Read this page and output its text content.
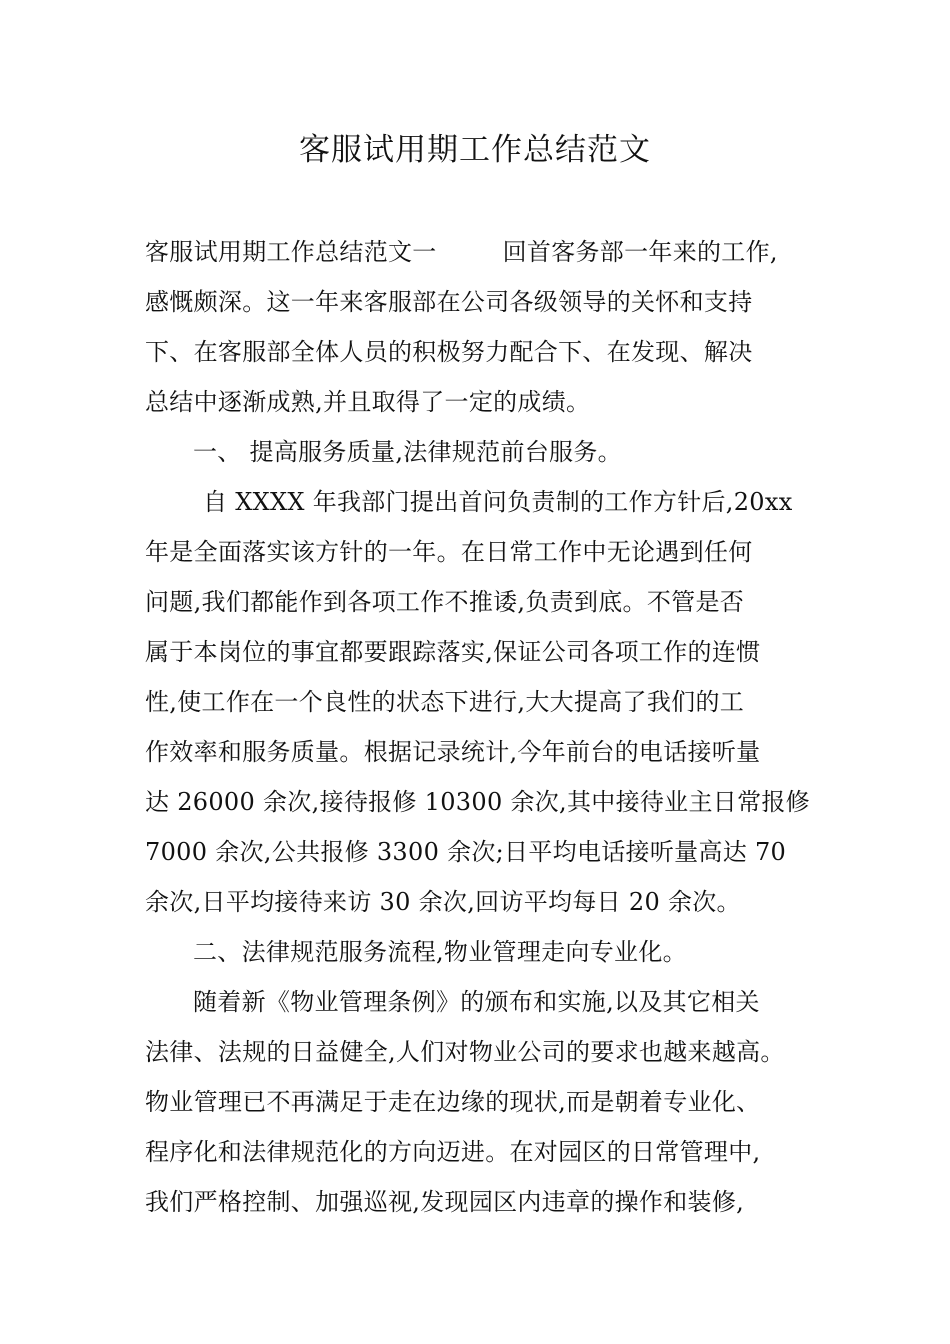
客服试用期工作总结范文
客服试用期工作总结范文一	回首客务部一年来的工作,
感慨颇深。这一年来客服部在公司各级领导的关怀和支持
下、在客服部全体人员的积极努力配合下、在发现、解决
总结中逐渐成熟,并且取得了一定的成绩。
一、 提高服务质量,法律规范前台服务。
自 XXXX 年我部门提出首问负责制的工作方针后,20xx
年是全面落实该方针的一年。在日常工作中无论遇到任何
问题,我们都能作到各项工作不推诿,负责到底。不管是否
属于本岗位的事宜都要跟踪落实,保证公司各项工作的连惯
性,使工作在一个良性的状态下进行,大大提高了我们的工
作效率和服务质量。根据记录统计,今年前台的电话接听量
达 26000 余次,接待报修 10300 余次,其中接待业主日常报修
7000 余次,公共报修 3300 余次;日平均电话接听量高达 70
余次,日平均接待来访 30 余次,回访平均每日 20 余次。
二、法律规范服务流程,物业管理走向专业化。
随着新《物业管理条例》的颁布和实施,以及其它相关
法律、法规的日益健全,人们对物业公司的要求也越来越高。
物业管理已不再满足于走在边缘的现状,而是朝着专业化、
程序化和法律规范化的方向迈进。在对园区的日常管理中,
我们严格控制、加强巡视,发现园区内违章的操作和装修,
